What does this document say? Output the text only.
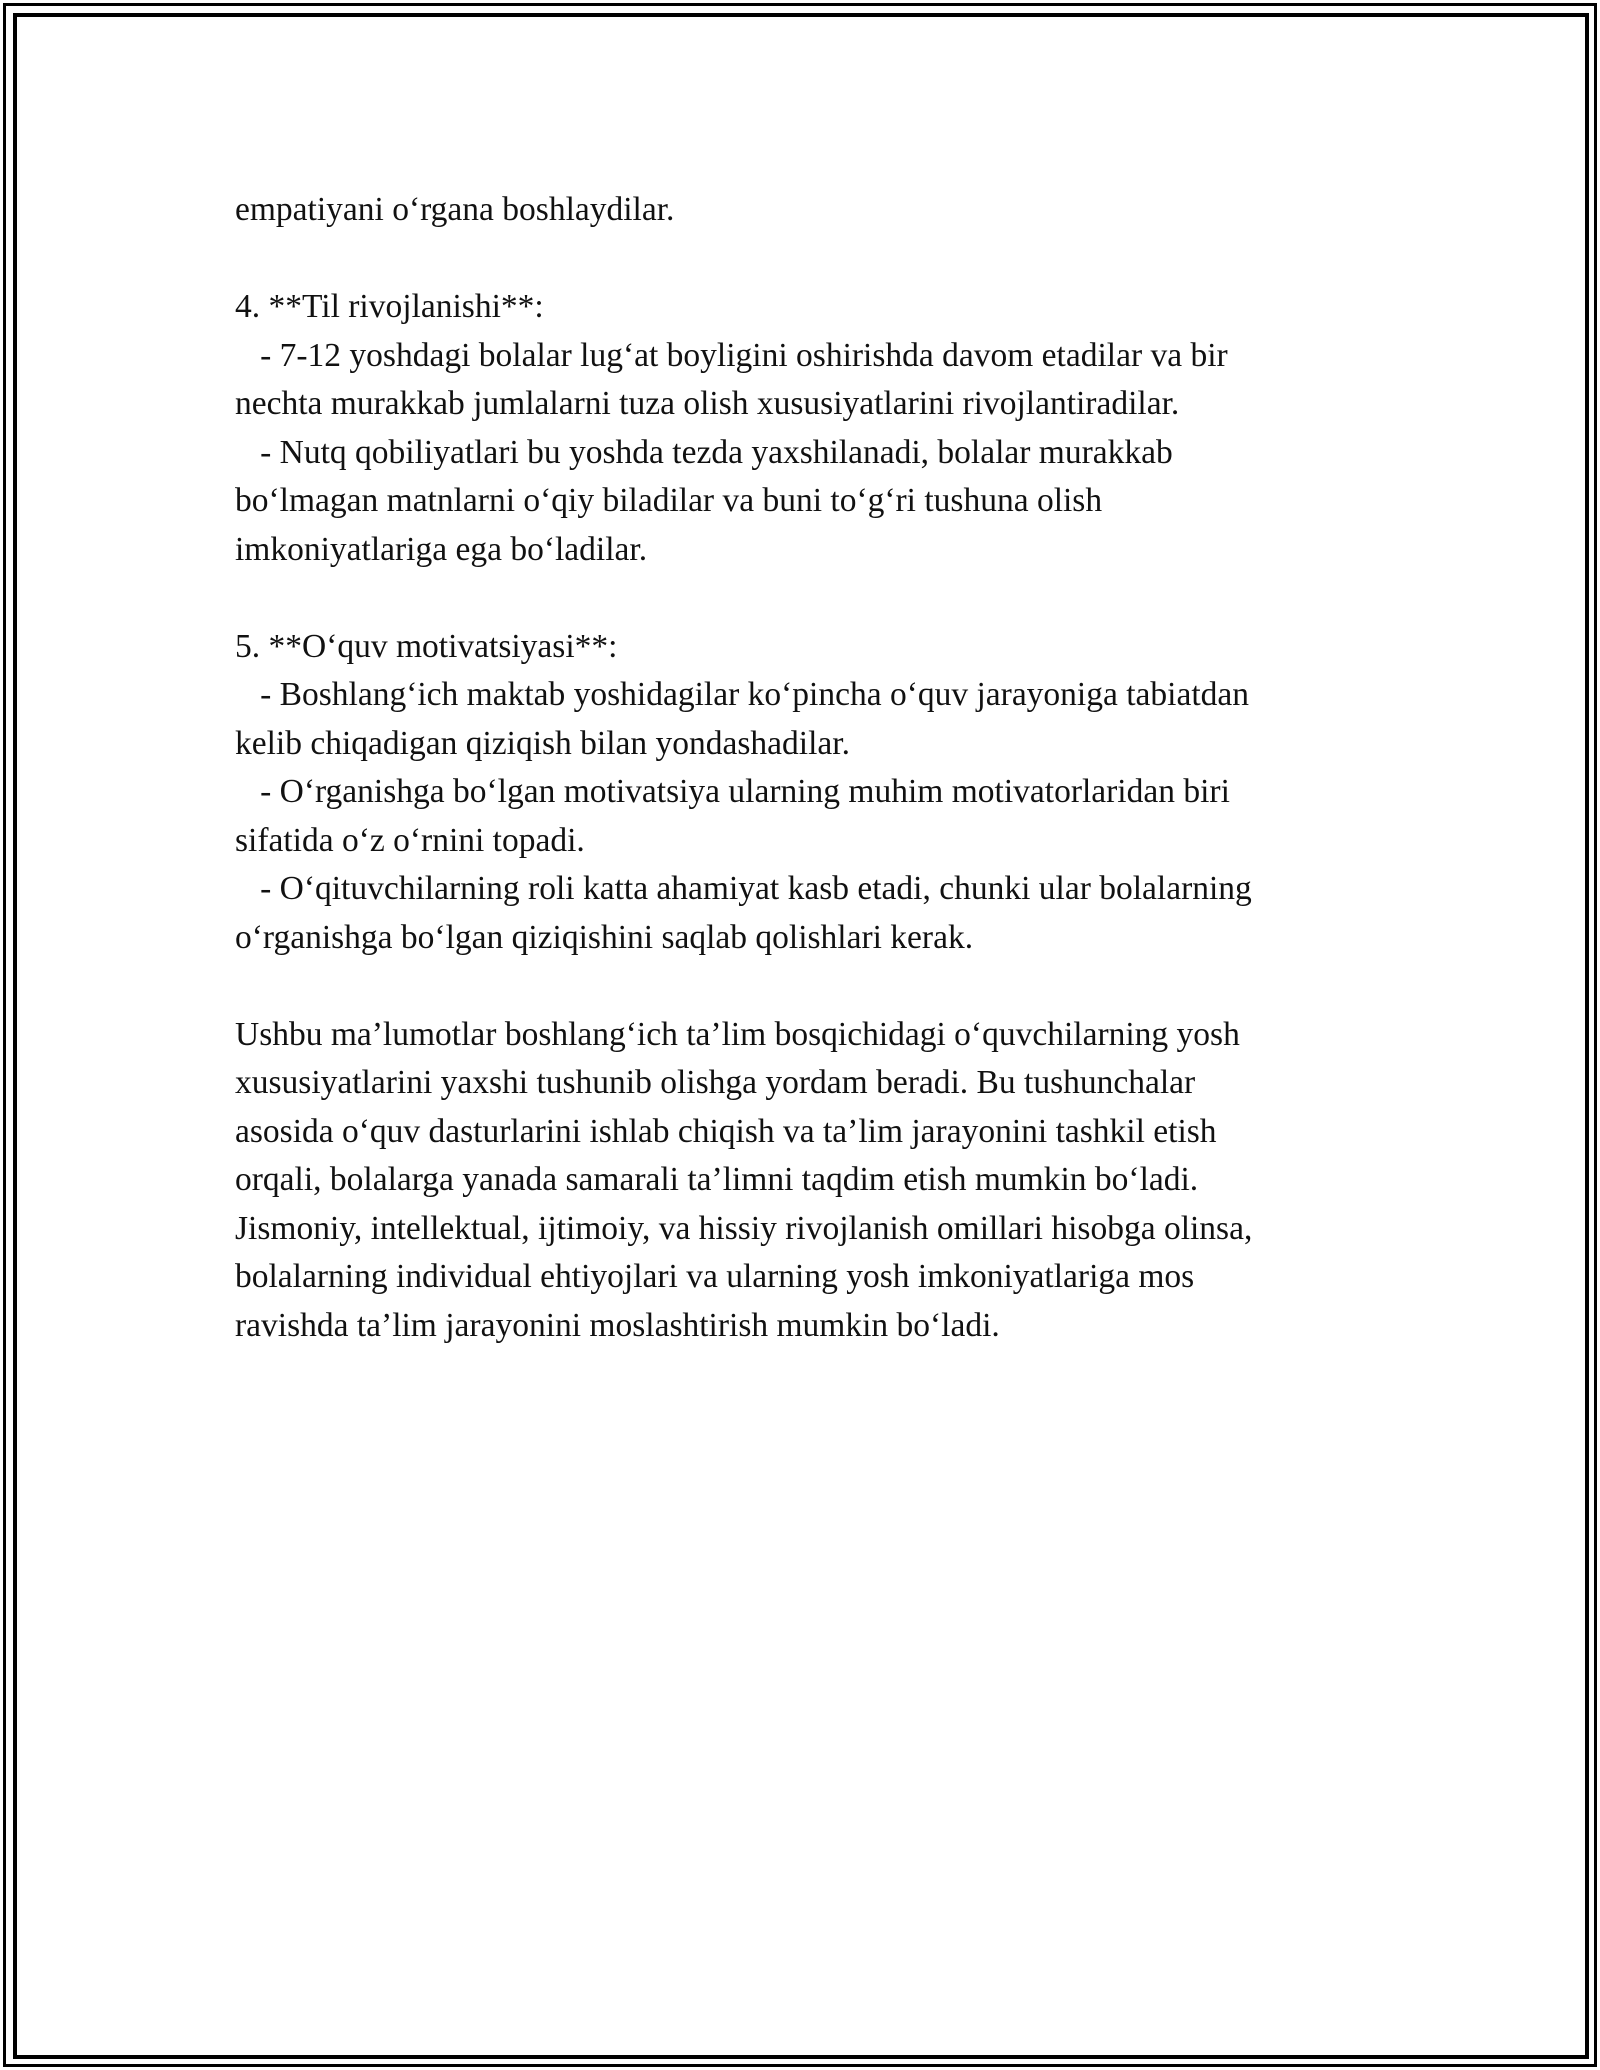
empatiyani o‘rgana boshlaydilar.
4. **Til rivojlanishi**:
- 7-12 yoshdagi bolalar lug‘at boyligini oshirishda davom etadilar va bir
nechta murakkab jumlalarni tuza olish xususiyatlarini rivojlantiradilar.
- Nutq qobiliyatlari bu yoshda tezda yaxshilanadi, bolalar murakkab
bo‘lmagan matnlarni o‘qiy biladilar va buni to‘g‘ri tushuna olish
imkoniyatlariga ega bo‘ladilar.
5. **O‘quv motivatsiyasi**:
- Boshlang‘ich maktab yoshidagilar ko‘pincha o‘quv jarayoniga tabiatdan
kelib chiqadigan qiziqish bilan yondashadilar.
- O‘rganishga bo‘lgan motivatsiya ularning muhim motivatorlaridan biri
sifatida o‘z o‘rnini topadi.
- O‘qituvchilarning roli katta ahamiyat kasb etadi, chunki ular bolalarning
o‘rganishga bo‘lgan qiziqishini saqlab qolishlari kerak.
Ushbu ma’lumotlar boshlang‘ich ta’lim bosqichidagi o‘quvchilarning yosh
xususiyatlarini yaxshi tushunib olishga yordam beradi. Bu tushunchalar
asosida o‘quv dasturlarini ishlab chiqish va ta’lim jarayonini tashkil etish
orqali, bolalarga yanada samarali ta’limni taqdim etish mumkin bo‘ladi.
Jismoniy, intellektual, ijtimoiy, va hissiy rivojlanish omillari hisobga olinsa,
bolalarning individual ehtiyojlari va ularning yosh imkoniyatlariga mos
ravishda ta’lim jarayonini moslashtirish mumkin bo‘ladi.
